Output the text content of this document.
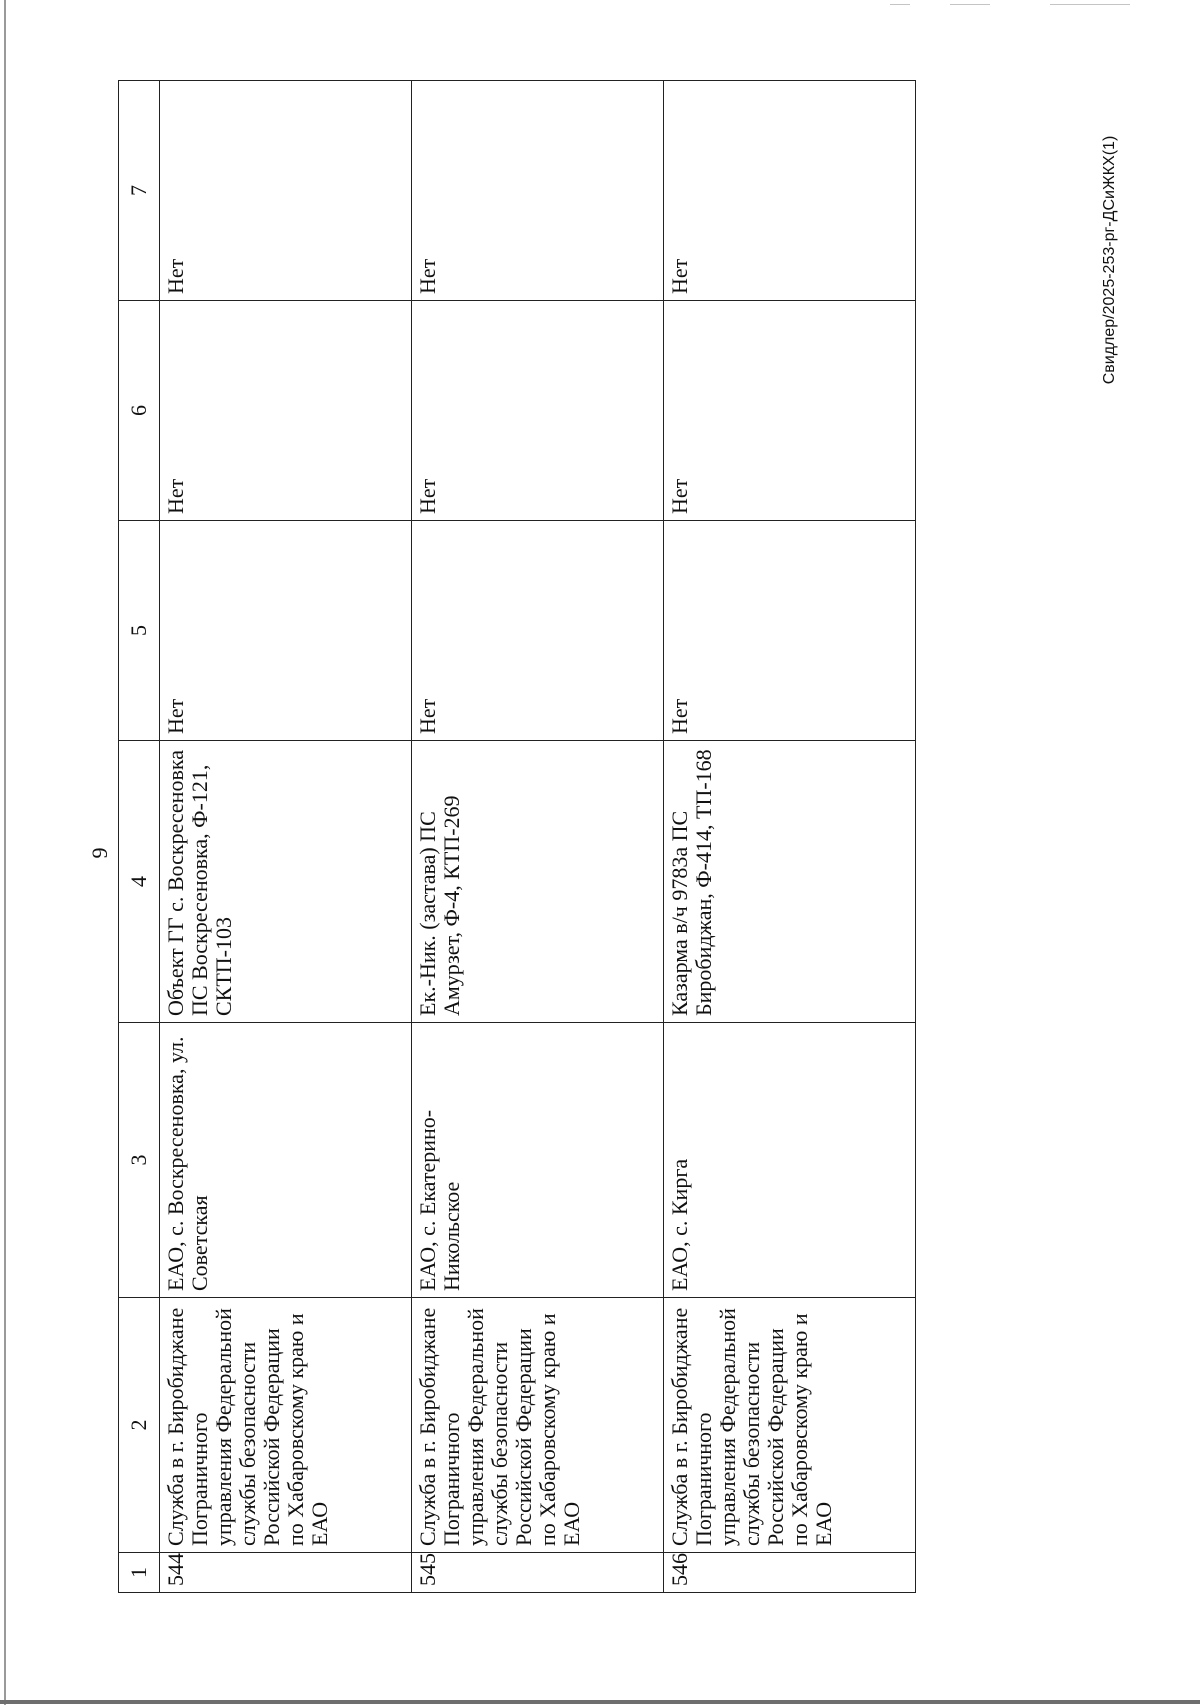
9
Свидлер/2025-253-рг-ДСиЖКХ(1)
1	2	3	4	5	6	7
544	Служба в г. Биробиджане Пограничного управления Федеральной службы безопасности Российской Федерации по Хабаровскому краю и ЕАО	ЕАО, с. Воскресеновка, ул. Советская	Объект ГГ с. Воскресеновка ПС Воскресеновка, Ф-121, СКТП-103	Нет	Нет	Нет
545	Служба в г. Биробиджане Пограничного управления Федеральной службы безопасности Российской Федерации по Хабаровскому краю и ЕАО	ЕАО, с. Екатерино- Никольское	Ек.-Ник. (застава) ПС Амурзет, Ф-4, КТП-269	Нет	Нет	Нет
546	Служба в г. Биробиджане Пограничного управления Федеральной службы безопасности Российской Федерации по Хабаровскому краю и ЕАО	ЕАО, с. Кирга	Казарма в/ч 9783а ПС Биробиджан, Ф-414, ТП-168	Нет	Нет	Нет
